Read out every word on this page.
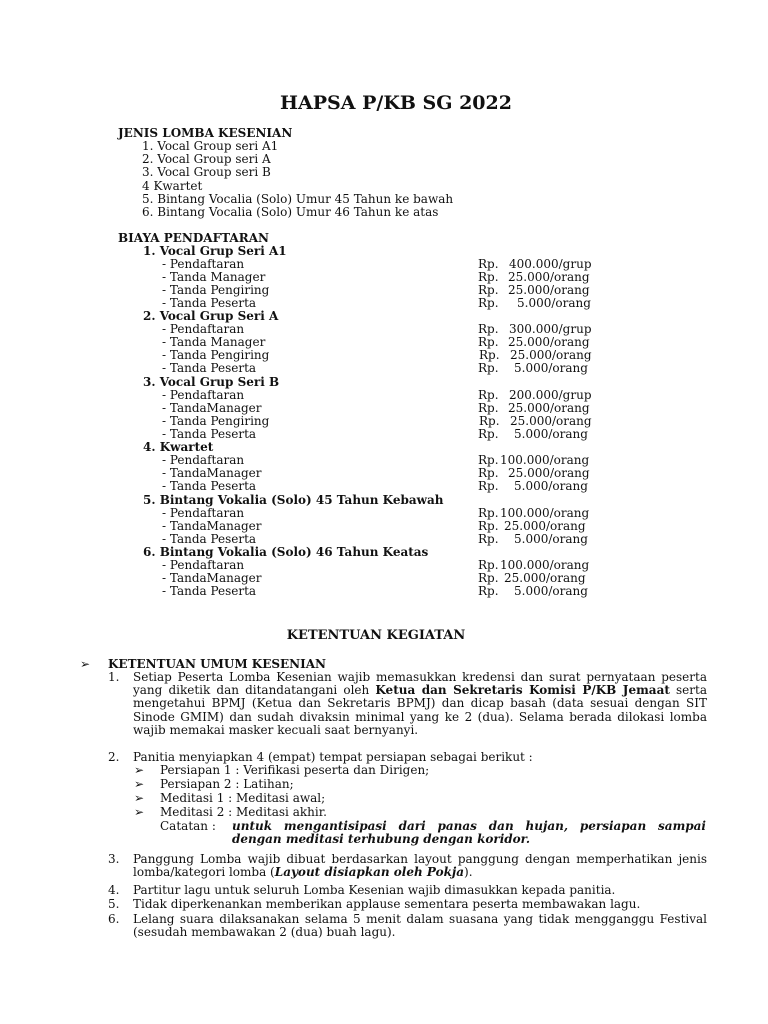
HAPSA P/KB SG 2022
JENIS LOMBA KESENIAN
1. Vocal Group seri A1
2. Vocal Group seri A
3. Vocal Group seri B
4 Kwartet
5. Bintang Vocalia (Solo) Umur 45 Tahun ke bawah
6. Bintang Vocalia (Solo) Umur 46 Tahun ke atas
BIAYA PENDAFTARAN
1. Vocal Grup Seri A1
- Pendaftaran	Rp. 400.000/grup
- Tanda Manager	Rp. 25.000/orang
- Tanda Pengiring	Rp. 25.000/orang
- Tanda Peserta	Rp. 5.000/orang
2. Vocal Grup Seri A
- Pendaftaran	Rp. 300.000/grup
- Tanda Manager	Rp. 25.000/orang
- Tanda Pengiring	Rp. 25.000/orang
- Tanda Peserta	Rp. 5.000/orang
3. Vocal Grup Seri B
- Pendaftaran	Rp. 200.000/grup
- TandaManager	Rp. 25.000/orang
- Tanda Pengiring	Rp. 25.000/orang
- Tanda Peserta	Rp. 5.000/orang
4. Kwartet
- Pendaftaran	Rp. 100.000/orang
- TandaManager	Rp. 25.000/orang
- Tanda Peserta	Rp. 5.000/orang
5. Bintang Vokalia (Solo) 45 Tahun Kebawah
- Pendaftaran	Rp. 100.000/orang
- TandaManager	Rp. 25.000/orang
- Tanda Peserta	Rp. 5.000/orang
6. Bintang Vokalia (Solo) 46 Tahun Keatas
- Pendaftaran	Rp. 100.000/orang
- TandaManager	Rp. 25.000/orang
- Tanda Peserta	Rp. 5.000/orang
KETENTUAN KEGIATAN
➢ KETENTUAN UMUM KESENIAN
1. Setiap Peserta Lomba Kesenian wajib memasukkan kredensi dan surat pernyataan peserta yang diketik dan ditandatangani oleh Ketua dan Sekretaris Komisi P/KB Jemaat serta mengetahui BPMJ (Ketua dan Sekretaris BPMJ) dan dicap basah (data sesuai dengan SIT Sinode GMIM) dan sudah divaksin minimal yang ke 2 (dua). Selama berada dilokasi lomba wajib memakai masker kecuali saat bernyanyi.
2. Panitia menyiapkan 4 (empat) tempat persiapan sebagai berikut :
➢ Persiapan 1 : Verifikasi peserta dan Dirigen;
➢ Persiapan 2 : Latihan;
➢ Meditasi 1 : Meditasi awal;
➢ Meditasi 2 : Meditasi akhir.
Catatan : untuk mengantisipasi dari panas dan hujan, persiapan sampai dengan meditasi terhubung dengan koridor.
3. Panggung Lomba wajib dibuat berdasarkan layout panggung dengan memperhatikan jenis lomba/kategori lomba (Layout disiapkan oleh Pokja).
4. Partitur lagu untuk seluruh Lomba Kesenian wajib dimasukkan kepada panitia.
5. Tidak diperkenankan memberikan applause sementara peserta membawakan lagu.
6. Lelang suara dilaksanakan selama 5 menit dalam suasana yang tidak mengganggu Festival (sesudah membawakan 2 (dua) buah lagu).
